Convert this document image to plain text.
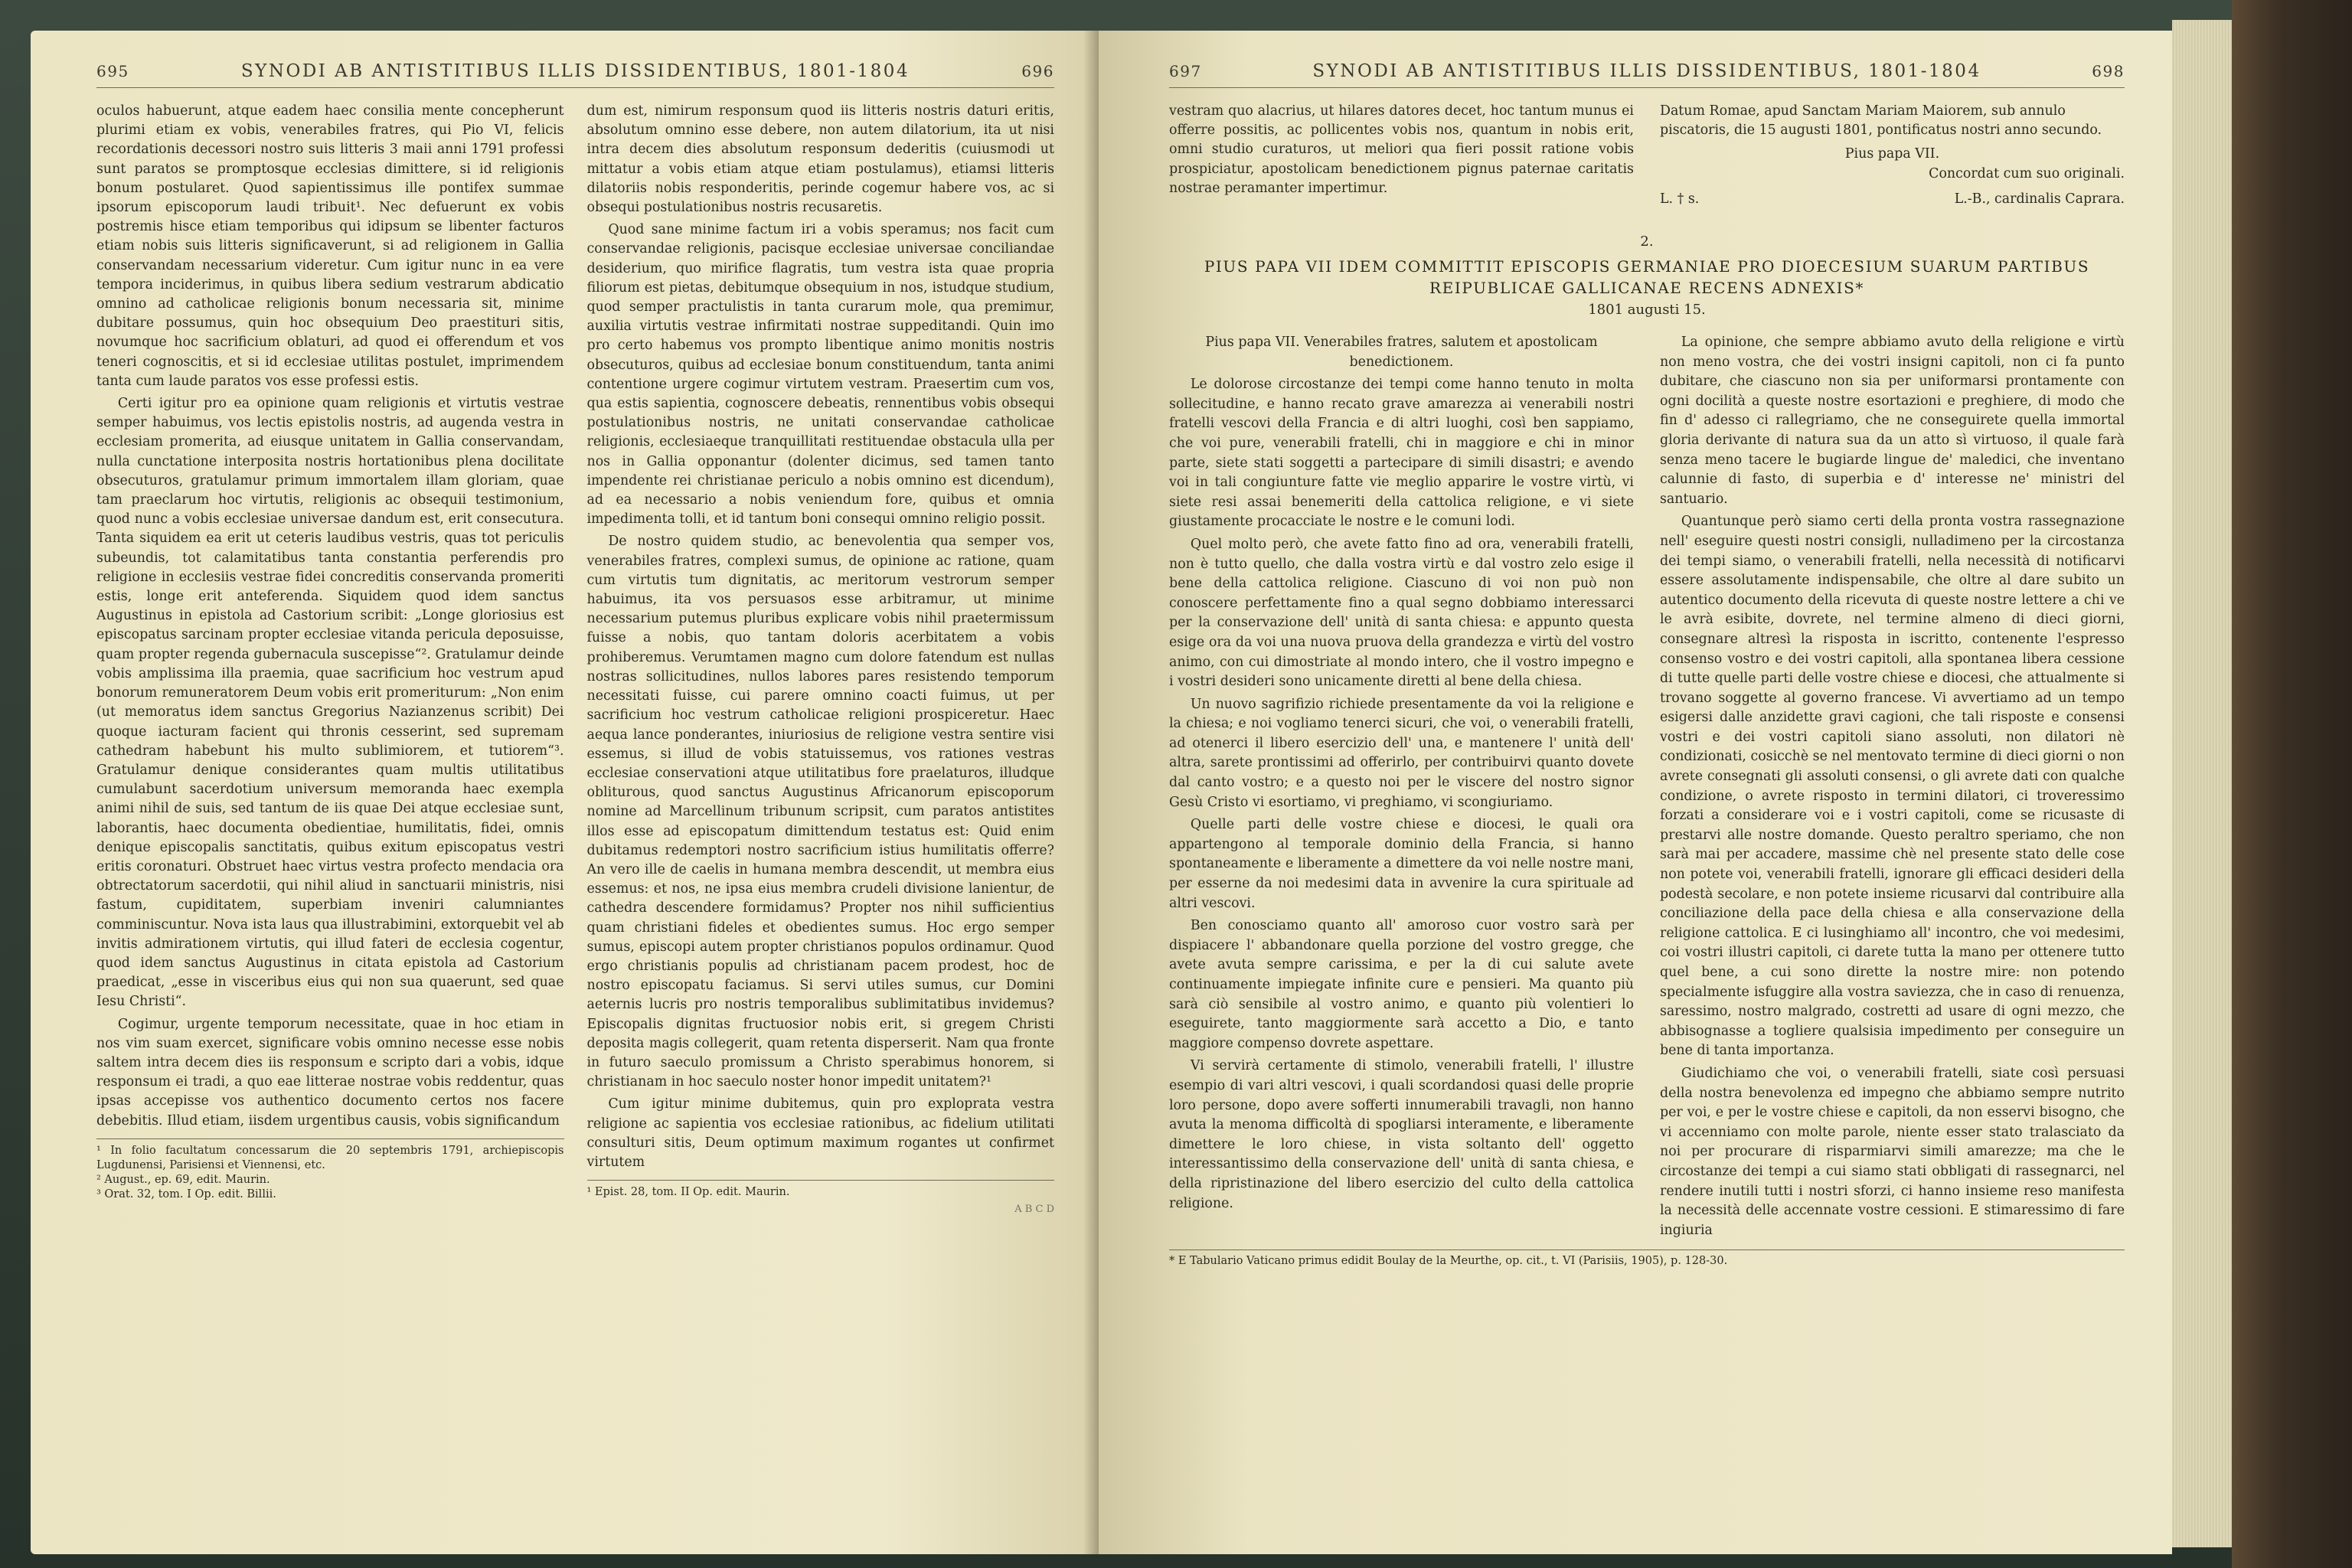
695	SYNODI AB ANTISTITIBUS ILLIS DISSIDENTIBUS, 1801-1804	696

oculos habuerunt, atque eadem haec consilia mente concepherunt plurimi etiam ex vobis, venerabiles fratres, qui Pio VI, felicis recordationis decessori nostro suis litteris 3 maii anni 1791 professi sunt paratos se promptosque ecclesias dimittere, si id religionis bonum postularet. Quod sapientissimus ille pontifex summae ipsorum episcoporum laudi tribuit¹. Nec defuerunt ex vobis postremis hisce etiam temporibus qui idipsum se libenter facturos etiam nobis suis litteris significaverunt, si ad religionem in Gallia conservandam necessarium videretur. Cum igitur nunc in ea vere tempora inciderimus, in quibus libera sedium vestrarum abdicatio omnino ad catholicae religionis bonum necessaria sit, minime dubitare possumus, quin hoc obsequium Deo praestituri sitis, novumque hoc sacrificium oblaturi, ad quod ei offerendum et vos teneri cognoscitis, et si id ecclesiae utilitas postulet, imprimendem tanta cum laude paratos vos esse professi estis.

Certi igitur pro ea opinione quam religionis et virtutis vestrae semper habuimus, vos lectis epistolis nostris, ad augenda vestra in ecclesiam promerita, ad eiusque unitatem in Gallia conservandam, nulla cunctatione interposita nostris hortationibus plena docilitate obsecuturos, gratulamur primum immortalem illam gloriam, quae tam praeclarum hoc virtutis, religionis ac obsequii testimonium, quod nunc a vobis ecclesiae universae dandum est, erit consecutura. Tanta siquidem ea erit ut ceteris laudibus vestris, quas tot periculis subeundis, tot calamitatibus tanta constantia perferendis pro religione in ecclesiis vestrae fidei concreditis conservanda promeriti estis, longe erit anteferenda. Siquidem quod idem sanctus Augustinus in epistola ad Castorium scribit: „Longe gloriosius est episcopatus sarcinam propter ecclesiae vitanda pericula deposuisse, quam propter regenda gubernacula suscepisse“². Gratulamur deinde vobis amplissima illa praemia, quae sacrificium hoc vestrum apud bonorum remuneratorem Deum vobis erit promeriturum: „Non enim (ut memoratus idem sanctus Gregorius Nazianzenus scribit) Dei quoque iacturam facient qui thronis cesserint, sed supremam cathedram habebunt his multo sublimiorem, et tutiorem“³. Gratulamur denique considerantes quam multis utilitatibus cumulabunt sacerdotium universum memoranda haec exempla animi nihil de suis, sed tantum de iis quae Dei atque ecclesiae sunt, laborantis, haec documenta obedientiae, humilitatis, fidei, omnis denique episcopalis sanctitatis, quibus exitum episcopatus vestri eritis coronaturi. Obstruet haec virtus vestra profecto mendacia ora obtrectatorum sacerdotii, qui nihil aliud in sanctuarii ministris, nisi fastum, cupiditatem, superbiam inveniri calumniantes comminiscuntur. Nova ista laus qua illustrabimini, extorquebit vel ab invitis admirationem virtutis, qui illud fateri de ecclesia cogentur, quod idem sanctus Augustinus in citata epistola ad Castorium praedicat, „esse in visceribus eius qui non sua quaerunt, sed quae Iesu Christi“.

Cogimur, urgente temporum necessitate, quae in hoc etiam in nos vim suam exercet, significare vobis omnino necesse esse nobis saltem intra decem dies iis responsum e scripto dari a vobis, idque responsum ei tradi, a quo eae litterae nostrae vobis reddentur, quas ipsas accepisse vos authentico documento certos nos facere debebitis. Illud etiam, iisdem urgentibus causis, vobis significandum

¹ In folio facultatum concessarum die 20 septembris 1791, archiepiscopis Lugdunensi, Parisiensi et Viennensi, etc.
² August., ep. 69, edit. Maurin.
³ Orat. 32, tom. I Op. edit. Billii.

dum est, nimirum responsum quod iis litteris nostris daturi eritis, absolutum omnino esse debere, non autem dilatorium, ita ut nisi intra decem dies absolutum responsum dederitis (cuiusmodi ut mittatur a vobis etiam atque etiam postulamus), etiamsi litteris dilatoriis nobis responderitis, perinde cogemur habere vos, ac si obsequi postulationibus nostris recusaretis.

Quod sane minime factum iri a vobis speramus; nos facit cum conservandae religionis, pacisque ecclesiae universae conciliandae desiderium, quo mirifice flagratis, tum vestra ista quae propria filiorum est pietas, debitumque obsequium in nos, istudque studium, quod semper practulistis in tanta curarum mole, qua premimur, auxilia virtutis vestrae infirmitati nostrae suppeditandi. Quin imo pro certo habemus vos prompto libentique animo monitis nostris obsecuturos, quibus ad ecclesiae bonum constituendum, tanta animi contentione urgere cogimur virtutem vestram. Praesertim cum vos, qua estis sapientia, cognoscere debeatis, rennentibus vobis obsequi postulationibus nostris, ne unitati conservandae catholicae religionis, ecclesiaeque tranquillitati restituendae obstacula ulla per nos in Gallia opponantur (dolenter dicimus, sed tamen tanto impendente rei christianae periculo a nobis omnino est dicendum), ad ea necessario a nobis veniendum fore, quibus et omnia impedimenta tolli, et id tantum boni consequi omnino religio possit.

De nostro quidem studio, ac benevolentia qua semper vos, venerabiles fratres, complexi sumus, de opinione ac ratione, quam cum virtutis tum dignitatis, ac meritorum vestrorum semper habuimus, ita vos persuasos esse arbitramur, ut minime necessarium putemus pluribus explicare vobis nihil praetermissum fuisse a nobis, quo tantam doloris acerbitatem a vobis prohiberemus. Verumtamen magno cum dolore fatendum est nullas nostras sollicitudines, nullos labores pares resistendo temporum necessitati fuisse, cui parere omnino coacti fuimus, ut per sacrificium hoc vestrum catholicae religioni prospiceretur. Haec aequa lance ponderantes, iniuriosius de religione vestra sentire visi essemus, si illud de vobis statuissemus, vos rationes vestras ecclesiae conservationi atque utilitatibus fore praelaturos, illudque obliturous, quod sanctus Augustinus Africanorum episcoporum nomine ad Marcellinum tribunum scripsit, cum paratos antistites illos esse ad episcopatum dimittendum testatus est: Quid enim dubitamus redemptori nostro sacrificium istius humilitatis offerre? An vero ille de caelis in humana membra descendit, ut membra eius essemus: et nos, ne ipsa eius membra crudeli divisione lanientur, de cathedra descendere formidamus? Propter nos nihil sufficientius quam christiani fideles et obedientes sumus. Hoc ergo semper sumus, episcopi autem propter christianos populos ordinamur. Quod ergo christianis populis ad christianam pacem prodest, hoc de nostro episcopatu faciamus. Si servi utiles sumus, cur Domini aeternis lucris pro nostris temporalibus sublimitatibus invidemus? Episcopalis dignitas fructuosior nobis erit, si gregem Christi deposita magis collegerit, quam retenta disperserit. Nam qua fronte in futuro saeculo promissum a Christo sperabimus honorem, si christianam in hoc saeculo noster honor impedit unitatem?¹

Cum igitur minime dubitemus, quin pro exploprata vestra religione ac sapientia vos ecclesiae rationibus, ac fidelium utilitati consulturi sitis, Deum optimum maximum rogantes ut confirmet virtutem

¹ Epist. 28, tom. II Op. edit. Maurin.
A B C D
697	SYNODI AB ANTISTITIBUS ILLIS DISSIDENTIBUS, 1801-1804	698
vestram quo alacrius, ut hilares datores decet, hoc tantum munus ei offerre possitis, ac pollicentes vobis nos, quantum in nobis erit, omni studio curaturos, ut meliori qua fieri possit ratione vobis prospiciatur, apostolicam benedictionem pignus paternae caritatis nostrae peramanter impertimur.
Datum Romae, apud Sanctam Mariam Maiorem, sub annulo piscatoris, die 15 augusti 1801, pontificatus nostri anno secundo.
Pius papa VII.
Concordat cum suo originali.
L. † s.	L.-B., cardinalis Caprara.
2.
PIUS PAPA VII IDEM COMMITTIT EPISCOPIS GERMANIAE PRO DIOECESIUM SUARUM PARTIBUS REIPUBLICAE GALLICANAE RECENS ADNEXIS*
1801 augusti 15.

Pius papa VII. Venerabiles fratres, salutem et apostolicam benedictionem.

Le dolorose circostanze dei tempi come hanno tenuto in molta sollecitudine, e hanno recato grave amarezza ai venerabili nostri fratelli vescovi della Francia e di altri luoghi, così ben sappiamo, che voi pure, venerabili fratelli, chi in maggiore e chi in minor parte, siete stati soggetti a partecipare di simili disastri; e avendo voi in tali congiunture fatte vie meglio apparire le vostre virtù, vi siete resi assai benemeriti della cattolica religione, e vi siete giustamente procacciate le nostre e le comuni lodi.

Quel molto però, che avete fatto fino ad ora, venerabili fratelli, non è tutto quello, che dalla vostra virtù e dal vostro zelo esige il bene della cattolica religione. Ciascuno di voi non può non conoscere perfettamente fino a qual segno dobbiamo interessarci per la conservazione dell' unità di santa chiesa: e appunto questa esige ora da voi una nuova pruova della grandezza e virtù del vostro animo, con cui dimostriate al mondo intero, che il vostro impegno e i vostri desideri sono unicamente diretti al bene della chiesa.

Un nuovo sagrifizio richiede presentamente da voi la religione e la chiesa; e noi vogliamo tenerci sicuri, che voi, o venerabili fratelli, ad otenerci il libero esercizio dell' una, e mantenere l' unità dell' altra, sarete prontissimi ad offerirlo, per contribuirvi quanto dovete dal canto vostro; e a questo noi per le viscere del nostro signor Gesù Cristo vi esortiamo, vi preghiamo, vi scongiuriamo.

Quelle parti delle vostre chiese e diocesi, le quali ora appartengono al temporale dominio della Francia, si hanno spontaneamente e liberamente a dimettere da voi nelle nostre mani, per esserne da noi medesimi data in avvenire la cura spirituale ad altri vescovi.

Ben conosciamo quanto all' amoroso cuor vostro sarà per dispiacere l' abbandonare quella porzione del vostro gregge, che avete avuta sempre carissima, e per la di cui salute avete continuamente impiegate infinite cure e pensieri. Ma quanto più sarà ciò sensibile al vostro animo, e quanto più volentieri lo eseguirete, tanto maggiormente sarà accetto a Dio, e tanto maggiore compenso dovrete aspettare.

Vi servirà certamente di stimolo, venerabili fratelli, l' illustre esempio di vari altri vescovi, i quali scordandosi quasi delle proprie loro persone, dopo avere sofferti innumerabili travagli, non hanno avuta la menoma difficoltà di spogliarsi interamente, e liberamente dimettere le loro chiese, in vista soltanto dell' oggetto interessantissimo della conservazione dell' unità di santa chiesa, e della ripristinazione del libero esercizio del culto della cattolica religione.

La opinione, che sempre abbiamo avuto della religione e virtù non meno vostra, che dei vostri insigni capitoli, non ci fa punto dubitare, che ciascuno non sia per uniformarsi prontamente con ogni docilità a queste nostre esortazioni e preghiere, di modo che fin d' adesso ci rallegriamo, che ne conseguirete quella immortal gloria derivante di natura sua da un atto sì virtuoso, il quale farà senza meno tacere le bugiarde lingue de' maledici, che inventano calunnie di fasto, di superbia e d' interesse ne' ministri del santuario.

Quantunque però siamo certi della pronta vostra rassegnazione nell' eseguire questi nostri consigli, nulladimeno per la circostanza dei tempi siamo, o venerabili fratelli, nella necessità di notificarvi essere assolutamente indispensabile, che oltre al dare subito un autentico documento della ricevuta di queste nostre lettere a chi ve le avrà esibite, dovrete, nel termine almeno di dieci giorni, consegnare altresì la risposta in iscritto, contenente l'espresso consenso vostro e dei vostri capitoli, alla spontanea libera cessione di tutte quelle parti delle vostre chiese e diocesi, che attualmente si trovano soggette al governo francese. Vi avvertiamo ad un tempo esigersi dalle anzidette gravi cagioni, che tali risposte e consensi vostri e dei vostri capitoli siano assoluti, non dilatori nè condizionati, cosicchè se nel mentovato termine di dieci giorni o non avrete consegnati gli assoluti consensi, o gli avrete dati con qualche condizione, o avrete risposto in termini dilatori, ci troveressimo forzati a considerare voi e i vostri capitoli, come se ricusaste di prestarvi alle nostre domande. Questo peraltro speriamo, che non sarà mai per accadere, massime chè nel presente stato delle cose non potete voi, venerabili fratelli, ignorare gli efficaci desideri della podestà secolare, e non potete insieme ricusarvi dal contribuire alla conciliazione della pace della chiesa e alla conservazione della religione cattolica. E ci lusinghiamo all' incontro, che voi medesimi, coi vostri illustri capitoli, ci darete tutta la mano per ottenere tutto quel bene, a cui sono dirette la nostre mire: non potendo specialmente isfuggire alla vostra saviezza, che in caso di renuenza, saressimo, nostro malgrado, costretti ad usare di ogni mezzo, che abbisognasse a togliere qualsisia impedimento per conseguire un bene di tanta importanza.

Giudichiamo che voi, o venerabili fratelli, siate così persuasi della nostra benevolenza ed impegno che abbiamo sempre nutrito per voi, e per le vostre chiese e capitoli, da non esservi bisogno, che vi accenniamo con molte parole, niente esser stato tralasciato da noi per procurare di risparmiarvi simili amarezze; ma che le circostanze dei tempi a cui siamo stati obbligati di rassegnarci, nel rendere inutili tutti i nostri sforzi, ci hanno insieme reso manifesta la necessità delle accennate vostre cessioni. E stimaressimo di fare ingiuria

* E Tabulario Vaticano primus edidit Boulay de la Meurthe, op. cit., t. VI (Parisiis, 1905), p. 128-30.
